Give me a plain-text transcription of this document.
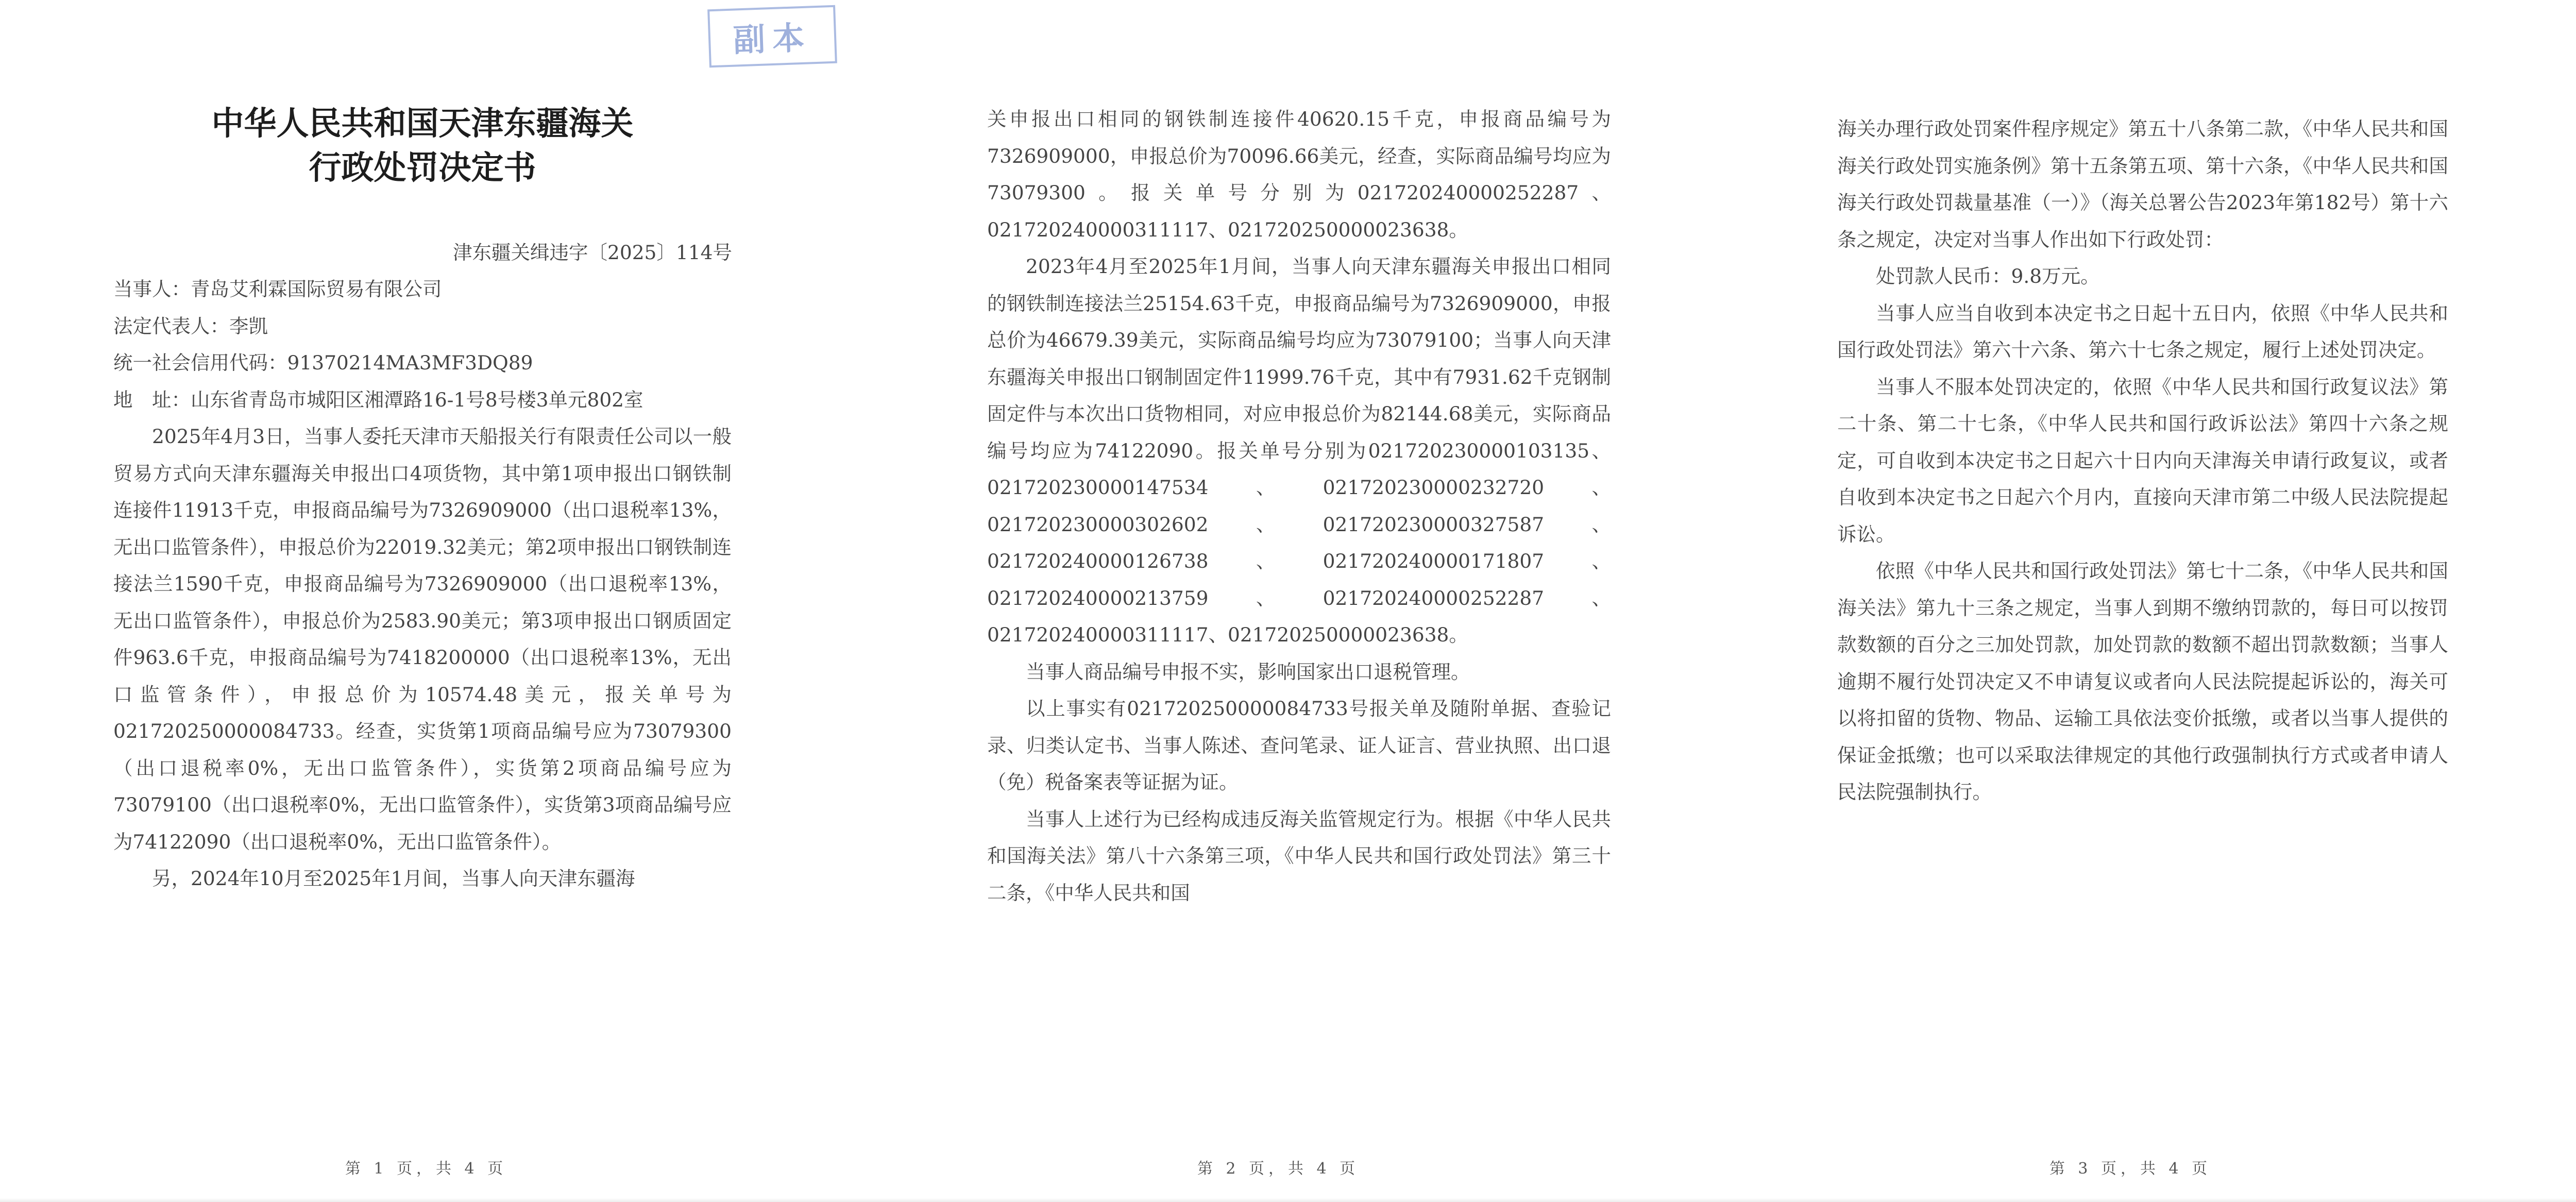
副本
中华人民共和国天津东疆海关
行政处罚决定书
津东疆关缉违字〔2025〕114号

当事人：青岛艾利霖国际贸易有限公司

法定代表人：李凯

统一社会信用代码：91370214MA3MF3DQ89

地　址：山东省青岛市城阳区湘潭路16-1号8号楼3单元802室

2025年4月3日，当事人委托天津市天船报关行有限责任公司以一般贸易方式向天津东疆海关申报出口4项货物，其中第1项申报出口钢铁制连接件11913千克，申报商品编号为7326909000（出口退税率13%，无出口监管条件），申报总价为22019.32美元；第2项申报出口钢铁制连接法兰1590千克，申报商品编号为7326909000（出口退税率13%，无出口监管条件），申报总价为2583.90美元；第3项申报出口钢质固定件963.6千克，申报商品编号为7418200000（出口退税率13%，无出口监管条件），申报总价为10574.48美元，报关单号为021720250000084733。经查，实货第1项商品编号应为73079300（出口退税率0%，无出口监管条件），实货第2项商品编号应为73079100（出口退税率0%，无出口监管条件），实货第3项商品编号应为74122090（出口退税率0%，无出口监管条件）。

另，2024年10月至2025年1月间，当事人向天津东疆海

第 1 页，共 4 页

关申报出口相同的钢铁制连接件40620.15千克，申报商品编号为7326909000，申报总价为70096.66美元，经查，实际商品编号均应为73079300。报关单号分别为021720240000252287、021720240000311117、021720250000023638。

2023年4月至2025年1月间，当事人向天津东疆海关申报出口相同的钢铁制连接法兰25154.63千克，申报商品编号为7326909000，申报总价为46679.39美元，实际商品编号均应为73079100；当事人向天津东疆海关申报出口钢制固定件11999.76千克，其中有7931.62千克钢制固定件与本次出口货物相同，对应申报总价为82144.68美元，实际商品编号均应为74122090。报关单号分别为021720230000103135、021720230000147534、021720230000232720、021720230000302602、021720230000327587、021720240000126738、021720240000171807、021720240000213759、021720240000252287、021720240000311117、021720250000023638。

当事人商品编号申报不实，影响国家出口退税管理。

以上事实有021720250000084733号报关单及随附单据、查验记录、归类认定书、当事人陈述、查问笔录、证人证言、营业执照、出口退（免）税备案表等证据为证。

当事人上述行为已经构成违反海关监管规定行为。根据《中华人民共和国海关法》第八十六条第三项，《中华人民共和国行政处罚法》第三十二条，《中华人民共和国

第 2 页，共 4 页

海关办理行政处罚案件程序规定》第五十八条第二款，《中华人民共和国海关行政处罚实施条例》第十五条第五项、第十六条，《中华人民共和国海关行政处罚裁量基准（一）》（海关总署公告2023年第182号）第十六条之规定，决定对当事人作出如下行政处罚：

处罚款人民币：9.8万元。

当事人应当自收到本决定书之日起十五日内，依照《中华人民共和国行政处罚法》第六十六条、第六十七条之规定，履行上述处罚决定。

当事人不服本处罚决定的，依照《中华人民共和国行政复议法》第二十条、第二十七条，《中华人民共和国行政诉讼法》第四十六条之规定，可自收到本决定书之日起六十日内向天津海关申请行政复议，或者自收到本决定书之日起六个月内，直接向天津市第二中级人民法院提起诉讼。

依照《中华人民共和国行政处罚法》第七十二条，《中华人民共和国海关法》第九十三条之规定，当事人到期不缴纳罚款的，每日可以按罚款数额的百分之三加处罚款，加处罚款的数额不超出罚款数额；当事人逾期不履行处罚决定又不申请复议或者向人民法院提起诉讼的，海关可以将扣留的货物、物品、运输工具依法变价抵缴，或者以当事人提供的保证金抵缴；也可以采取法律规定的其他行政强制执行方式或者申请人民法院强制执行。

第 3 页，共 4 页
